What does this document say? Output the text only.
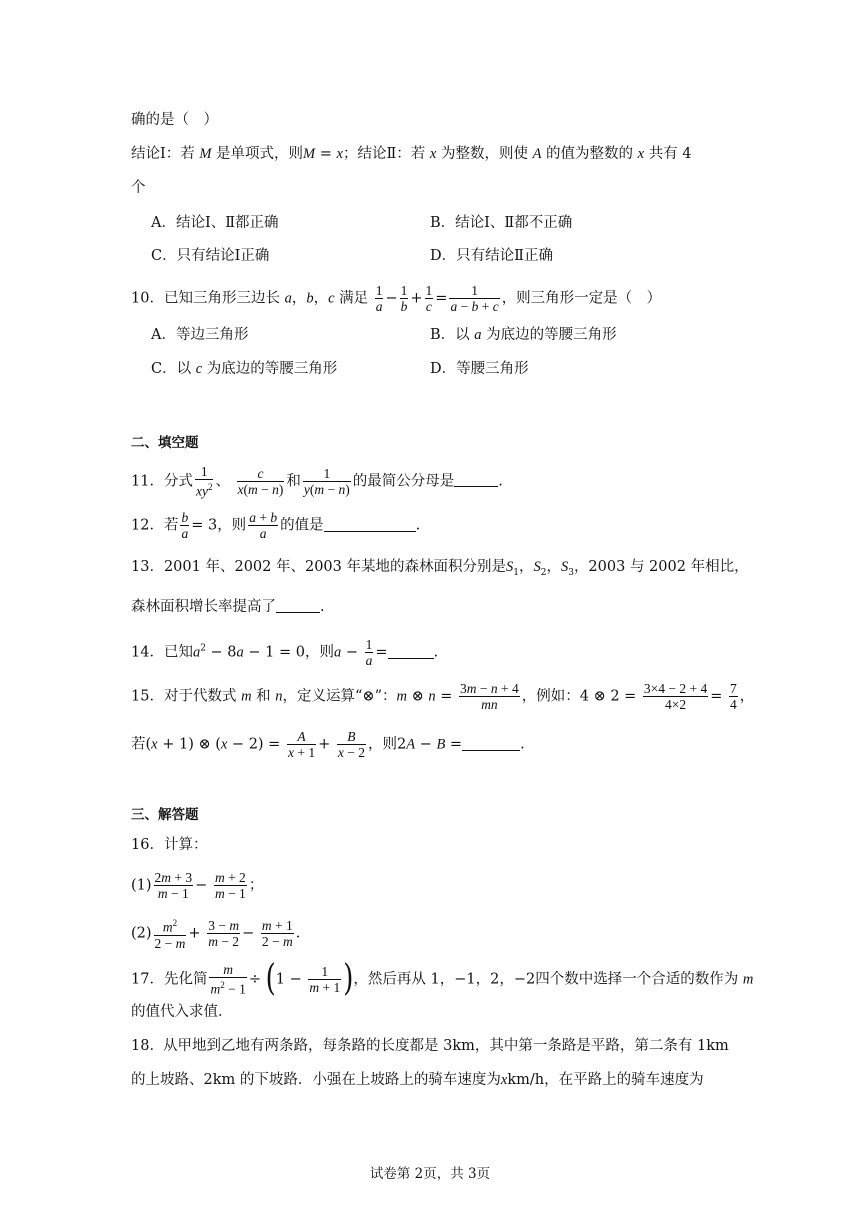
确的是（　）
结论Ⅰ：若 M 是单项式，则M = x；结论Ⅱ：若 x 为整数，则使 A 的值为整数的 x 共有 4
个
A．结论Ⅰ、Ⅱ都正确	B．结论Ⅰ、Ⅱ都不正确
C．只有结论Ⅰ正确	D．只有结论Ⅱ正确
10．已知三角形三边长 a，b，c 满足 $\frac{1}{a} - \frac{1}{b} + \frac{1}{c}$ =  $\frac{1}{a - b + c}$ ，则三角形一定是（　）
A．等边三角形	B．以 a 为底边的等腰三角形
C．以 c 为底边的等腰三角形	D．等腰三角形
二、填空题
11．分式 $\frac{1}{xy^2}$ 、 $\frac{c}{x(m - n)}$ 和 $\frac{1}{y(m - n)}$ 的最简公分母是	.
12．若 $\frac{b}{a} = 3$，则 $\frac{a + b}{a}$ 的值是	.
13．2001 年、2002 年、2003 年某地的森林面积分别是$S_1$，$S_2$，$S_3$，2003 与 2002 年相比，
森林面积增长率提高了	.
14．已知$a^2 - 8a - 1 = 0$，则$a - \frac{1}{a}$ =	.
15．对于代数式 m 和 n，定义运算“⊗”：m ⊗ $n = \frac{3m - n + 4}{mn}$ ，例如：4 ⊗ $2 = \frac{3\times 4 - 2 + 4}{4\times 2} = \frac{7}{4}$ ，
若(x + 1) ⊗ $(x - 2) = \frac{A}{x + 1} + \frac{B}{x - 2}$ ，则2A − B =	.
三、解答题
16．计算：
$(1) \frac{2m + 3}{m - 1} - \frac{m + 2}{m - 1}$ ；
$(2) \frac{m^2}{2 - m} + \frac{3 - m}{m - 2} - \frac{m + 1}{2 - m}$ .
17．先化简 $\frac{m}{m^2 - 1} \div (1 - \frac{1}{m + 1}$ )，然后再从 1，−1，2，−2四个数中选择一个合适的数作为 m
的值代入求值．
18． 从甲地到乙地有两条路，每条路的长度都是 3km，其中第一条路是平路，第二条有 1km
的上坡路、2km 的下坡路．小强在上坡路上的骑车速度为xkm/h，在平路上的骑车速度为
试卷第 2页，共 3页
